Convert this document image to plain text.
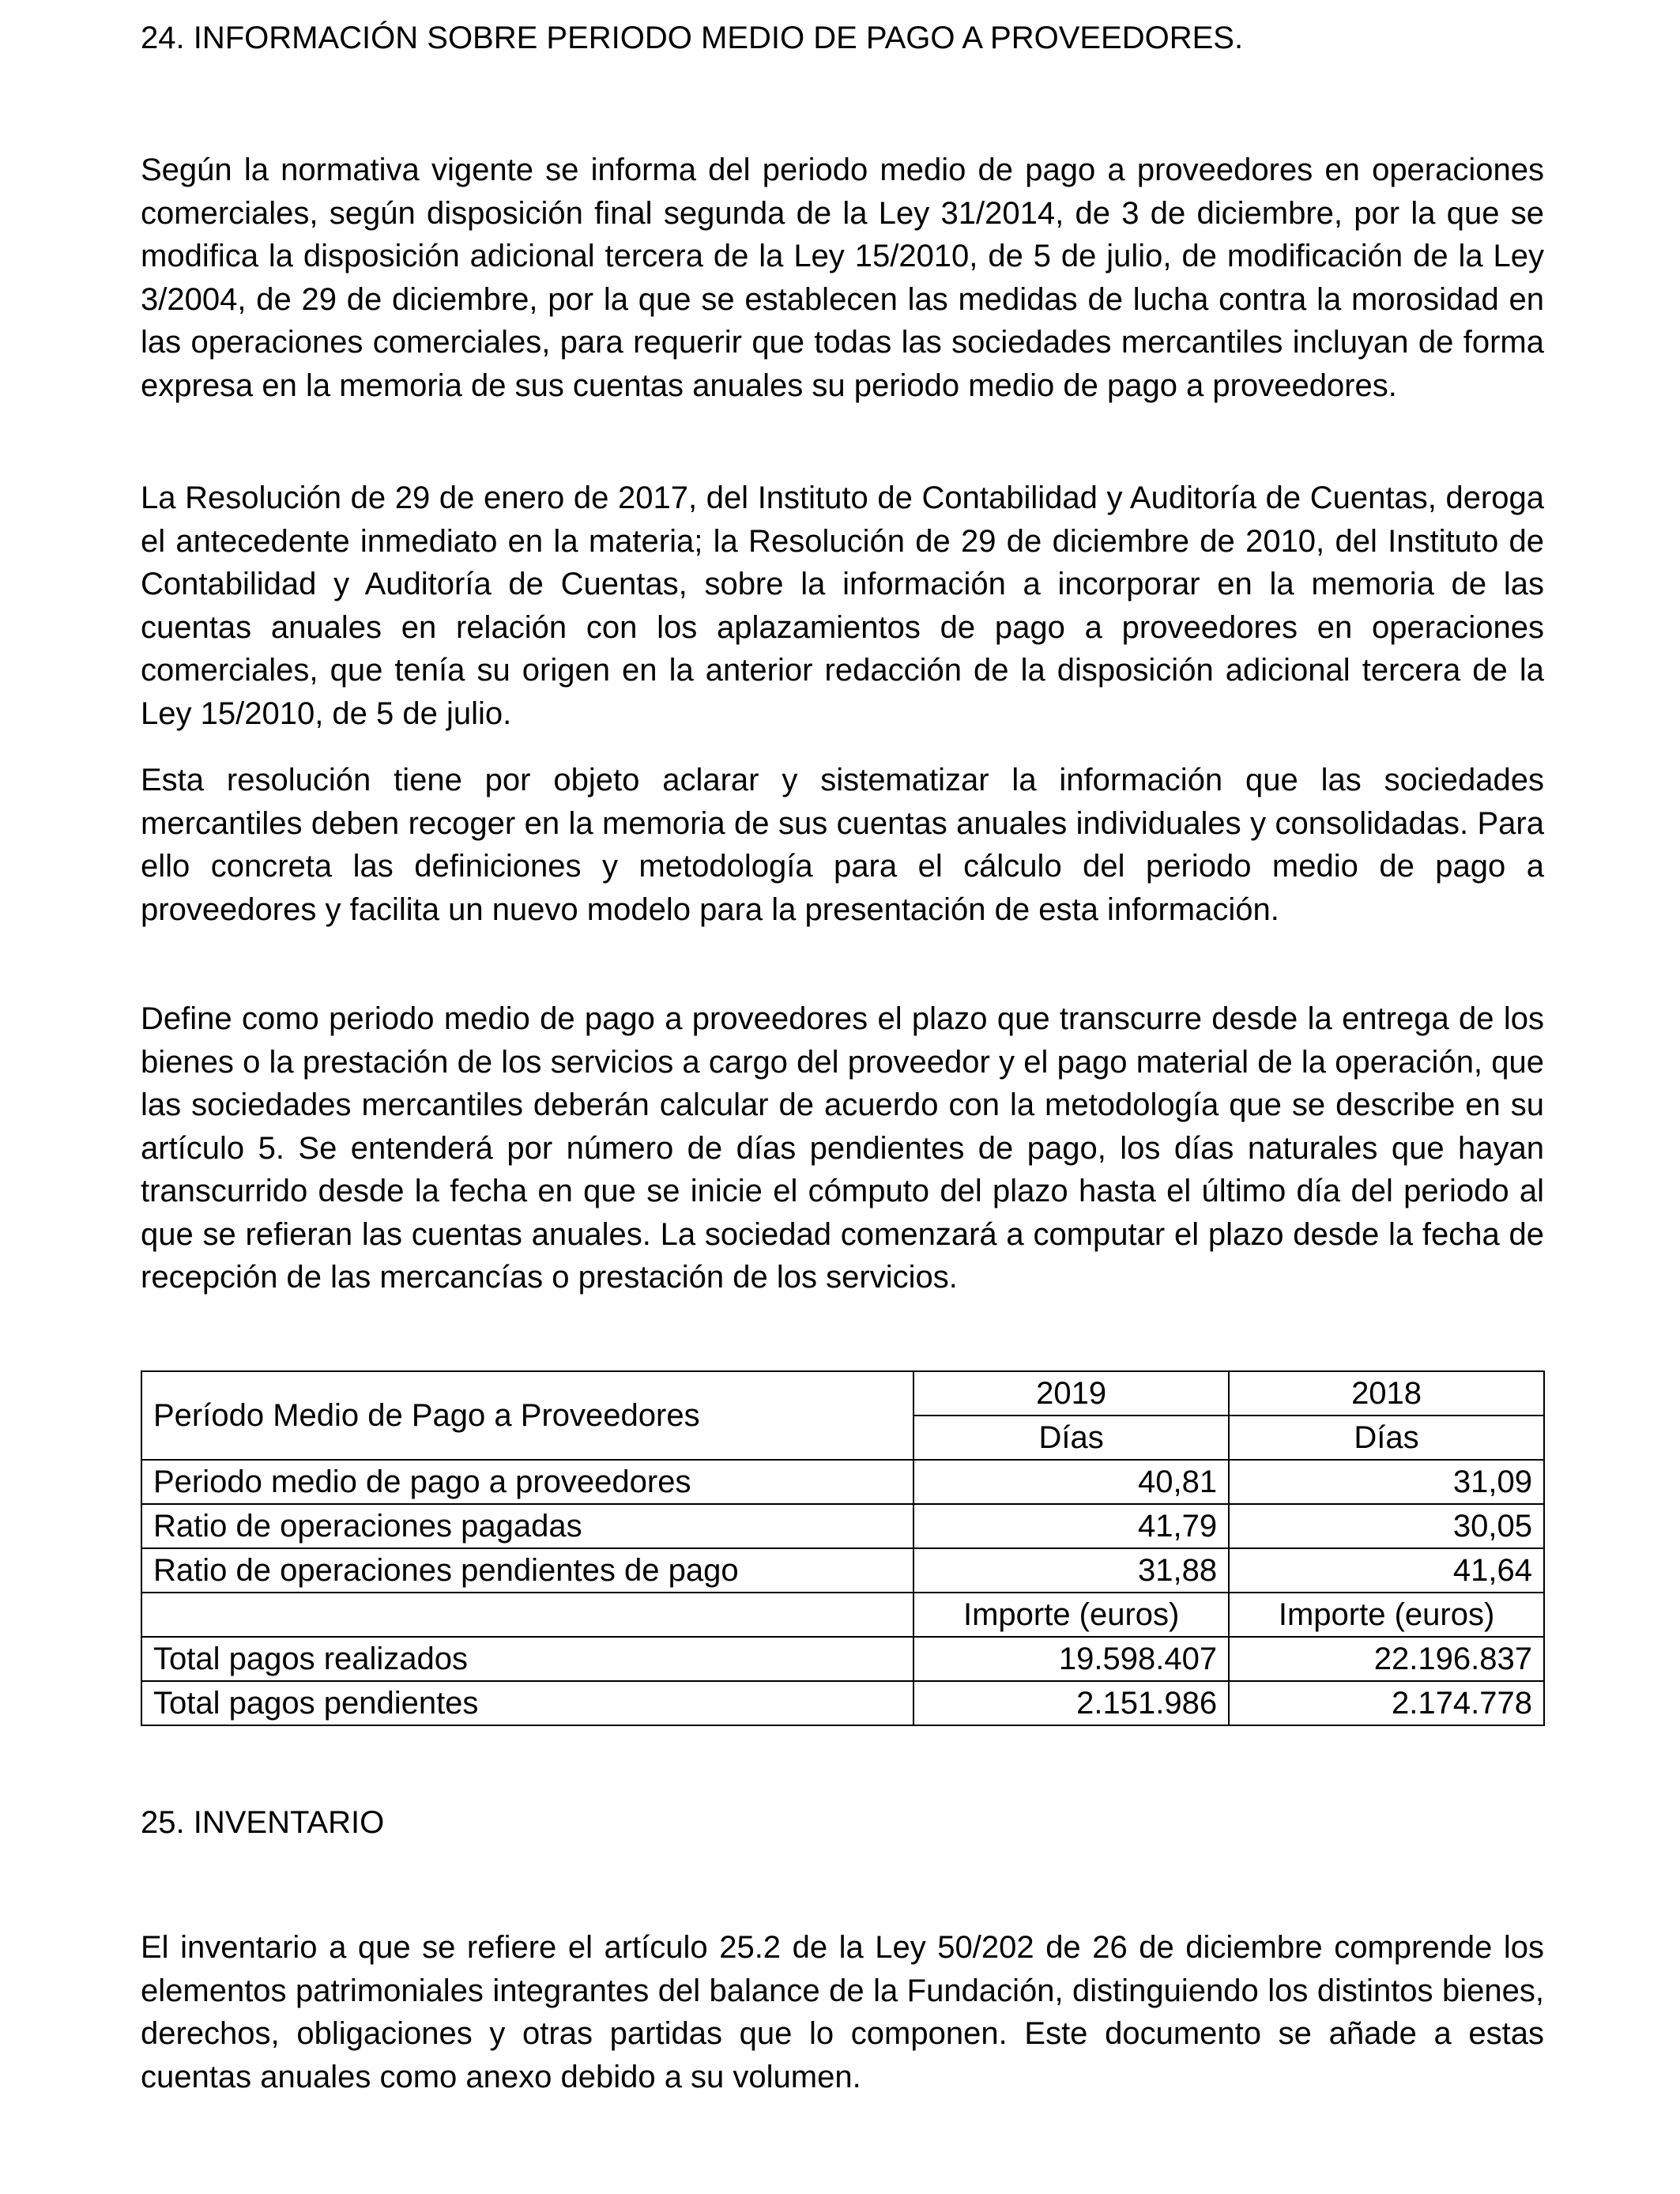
24. INFORMACIÓN SOBRE PERIODO MEDIO DE PAGO A PROVEEDORES.

Según la normativa vigente se informa del periodo medio de pago a proveedores en operaciones comerciales, según disposición final segunda de la Ley 31/2014, de 3 de diciembre, por la que se modifica la disposición adicional tercera de la Ley 15/2010, de 5 de julio, de modificación de la Ley 3/2004, de 29 de diciembre, por la que se establecen las medidas de lucha contra la morosidad en las operaciones comerciales, para requerir que todas las sociedades mercantiles incluyan de forma expresa en la memoria de sus cuentas anuales su periodo medio de pago a proveedores.

La Resolución de 29 de enero de 2017, del Instituto de Contabilidad y Auditoría de Cuentas, deroga el antecedente inmediato en la materia; la Resolución de 29 de diciembre de 2010, del Instituto de Contabilidad y Auditoría de Cuentas, sobre la información a incorporar en la memoria de las cuentas anuales en relación con los aplazamientos de pago a proveedores en operaciones comerciales, que tenía su origen en la anterior redacción de la disposición adicional tercera de la Ley 15/2010, de 5 de julio.

Esta resolución tiene por objeto aclarar y sistematizar la información que las sociedades mercantiles deben recoger en la memoria de sus cuentas anuales individuales y consolidadas. Para ello concreta las definiciones y metodología para el cálculo del periodo medio de pago a proveedores y facilita un nuevo modelo para la presentación de esta información.

Define como periodo medio de pago a proveedores el plazo que transcurre desde la entrega de los bienes o la prestación de los servicios a cargo del proveedor y el pago material de la operación, que las sociedades mercantiles deberán calcular de acuerdo con la metodología que se describe en su artículo 5. Se entenderá por número de días pendientes de pago, los días naturales que hayan transcurrido desde la fecha en que se inicie el cómputo del plazo hasta el último día del periodo al que se refieran las cuentas anuales. La sociedad comenzará a computar el plazo desde la fecha de recepción de las mercancías o prestación de los servicios.

Período Medio de Pago a Proveedores	2019	2018
	Días	Días
Periodo medio de pago a proveedores	40,81	31,09
Ratio de operaciones pagadas	41,79	30,05
Ratio de operaciones pendientes de pago	31,88	41,64
	Importe (euros)	Importe (euros)
Total pagos realizados	19.598.407	22.196.837
Total pagos pendientes	2.151.986	2.174.778
25. INVENTARIO

El inventario a que se refiere el artículo 25.2 de la Ley 50/202 de 26 de diciembre comprende los elementos patrimoniales integrantes del balance de la Fundación, distinguiendo los distintos bienes, derechos, obligaciones y otras partidas que lo componen. Este documento se añade a estas cuentas anuales como anexo debido a su volumen.
